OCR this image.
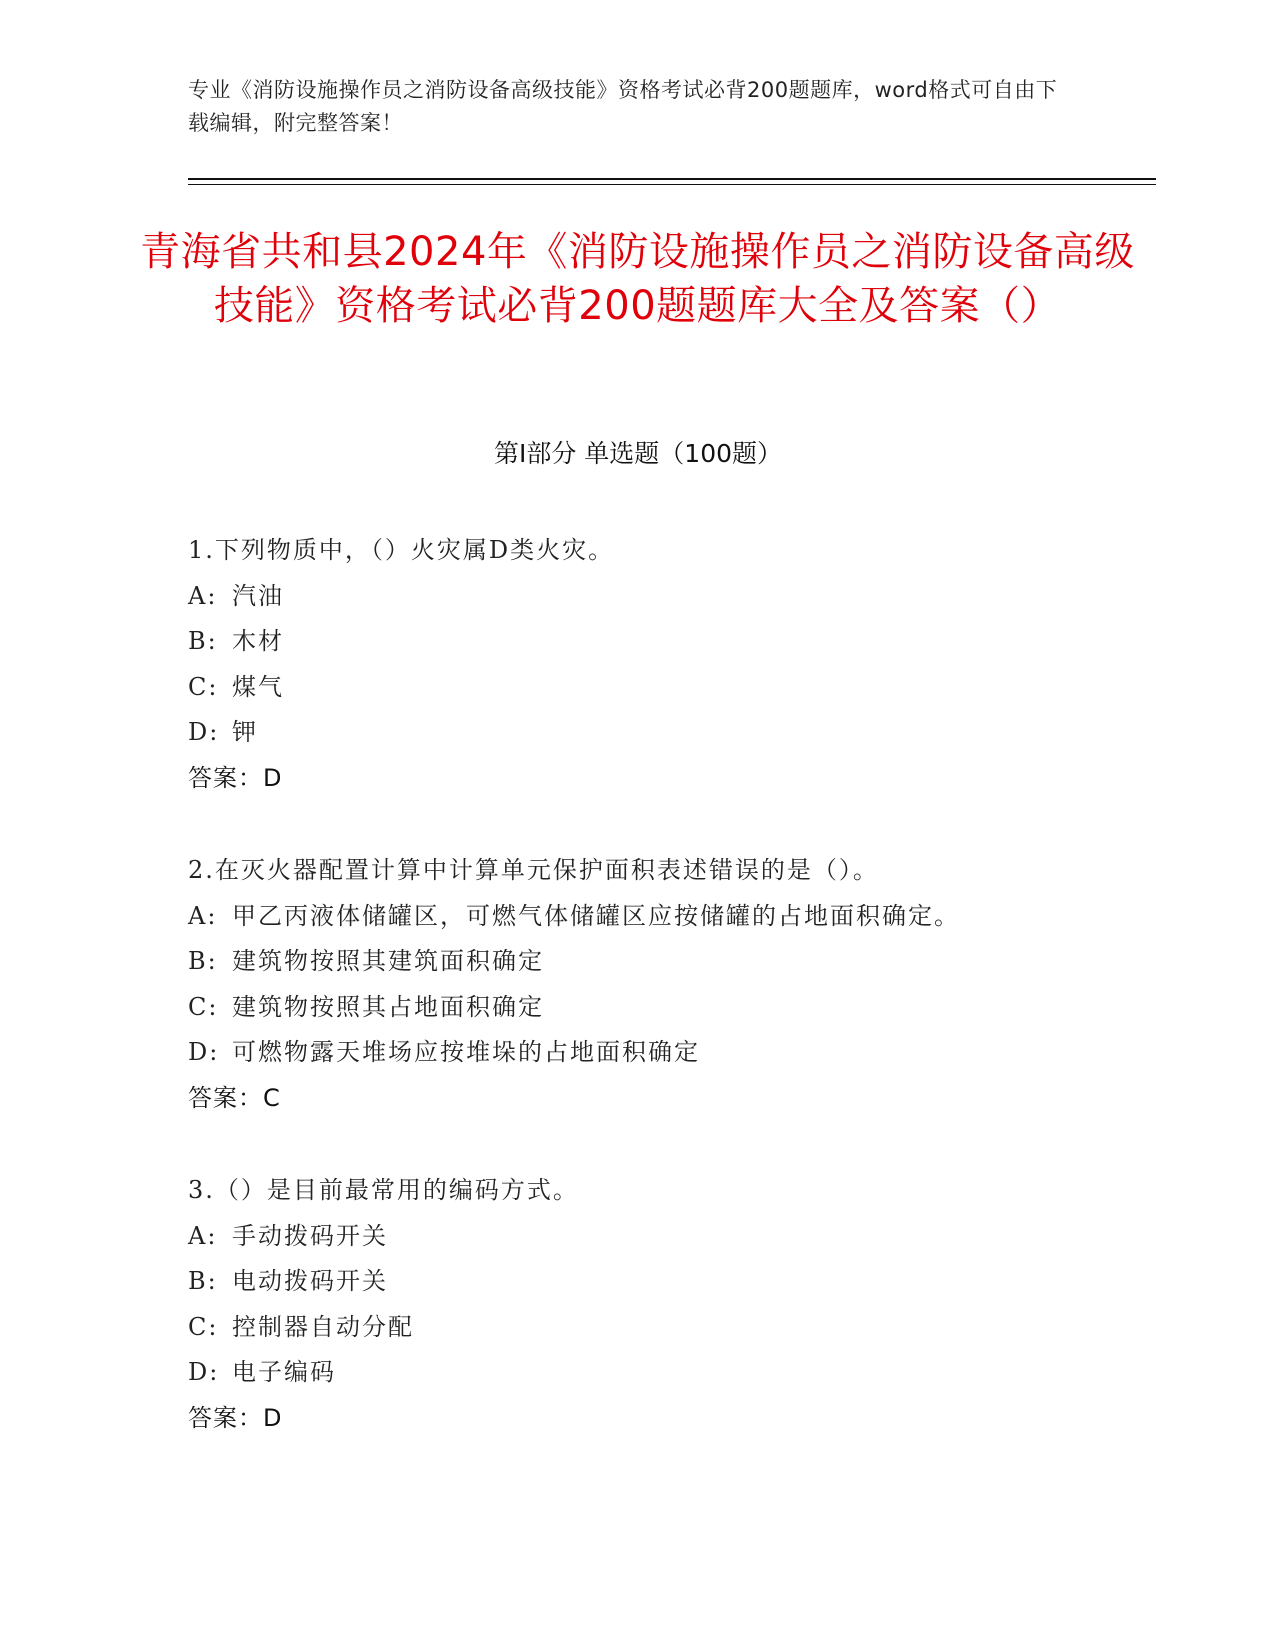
专业《消防设施操作员之消防设备高级技能》资格考试必背200题题库，word格式可自由下载编辑，附完整答案！
青海省共和县2024年《消防设施操作员之消防设备高级技能》资格考试必背200题题库大全及答案（）
第I部分 单选题（100题）
1.下列物质中，（）火灾属D类火灾。
A: 汽油
B: 木材
C: 煤气
D: 钾
答案：D
2.在灭火器配置计算中计算单元保护面积表述错误的是（）。
A: 甲乙丙液体储罐区，可燃气体储罐区应按储罐的占地面积确定。
B: 建筑物按照其建筑面积确定
C: 建筑物按照其占地面积确定
D: 可燃物露天堆场应按堆垛的占地面积确定
答案：C
3.（）是目前最常用的编码方式。
A: 手动拨码开关
B: 电动拨码开关
C: 控制器自动分配
D: 电子编码
答案：D
